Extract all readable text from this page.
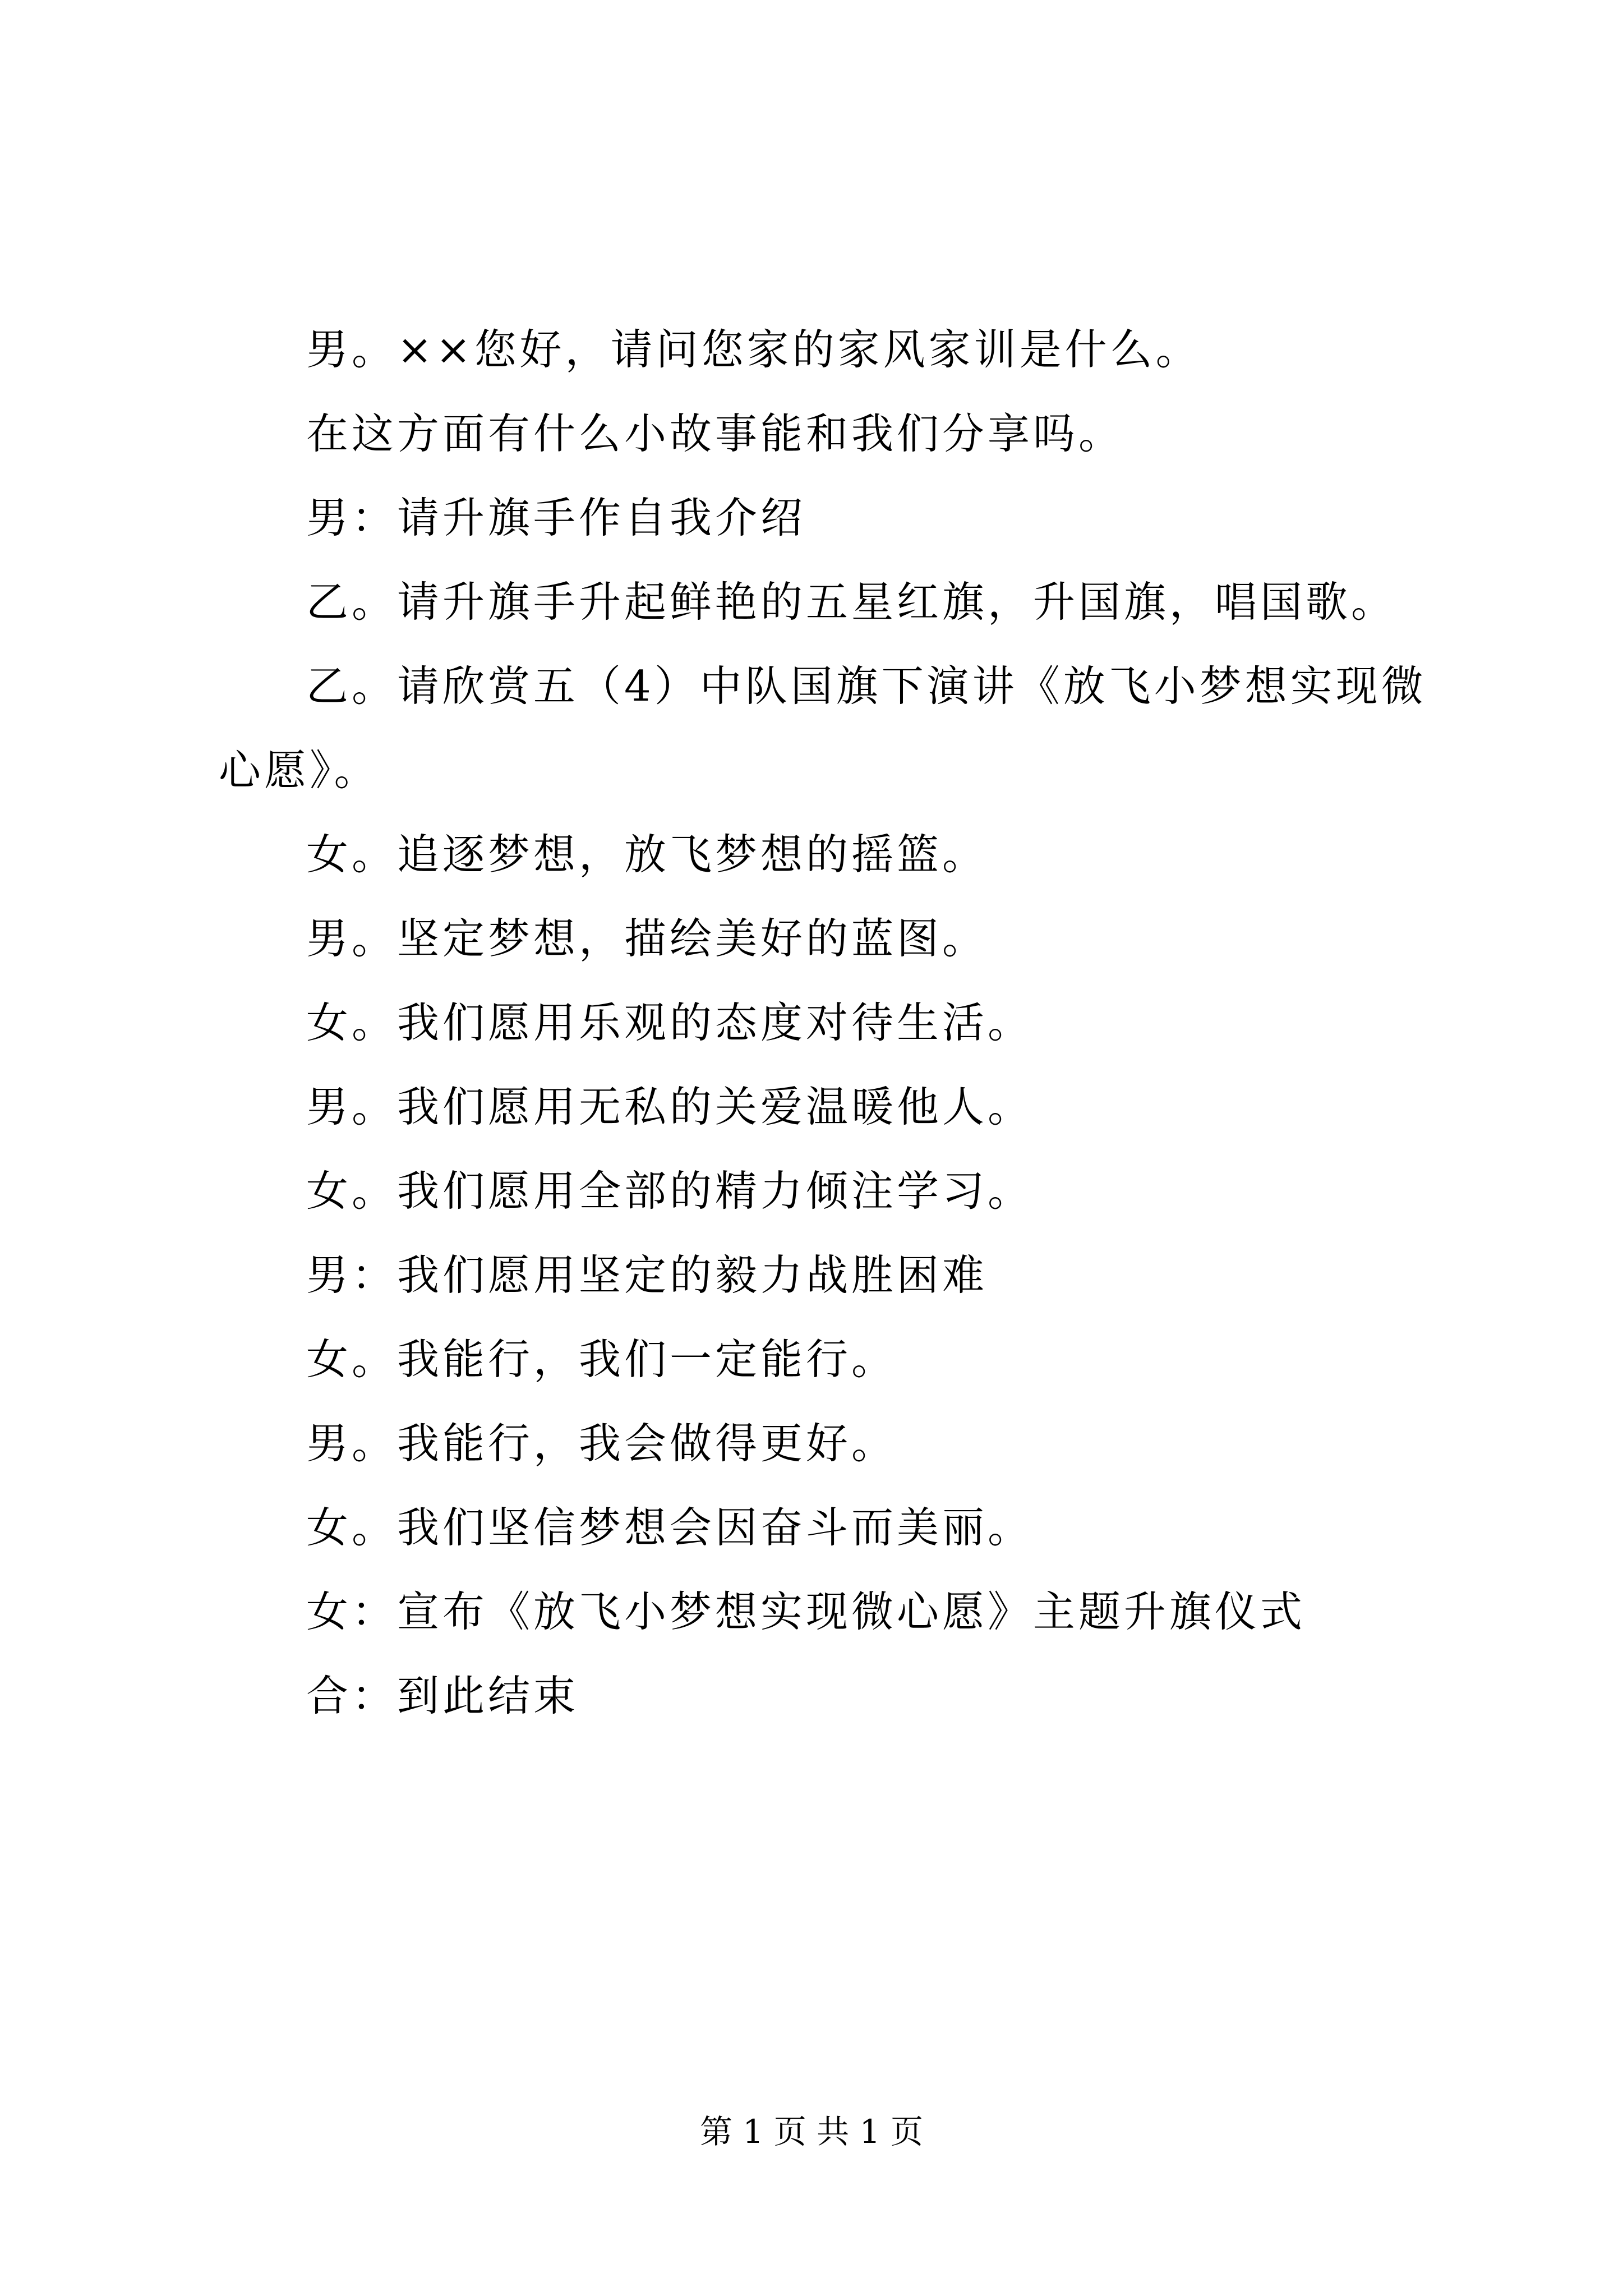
男。××您好，请问您家的家风家训是什么。

在这方面有什么小故事能和我们分享吗。

男：请升旗手作自我介绍

乙。请升旗手升起鲜艳的五星红旗，升国旗，唱国歌。

乙。请欣赏五（4）中队国旗下演讲《放飞小梦想实现微心愿》。

女。追逐梦想，放飞梦想的摇篮。

男。坚定梦想，描绘美好的蓝图。

女。我们愿用乐观的态度对待生活。

男。我们愿用无私的关爱温暖他人。

女。我们愿用全部的精力倾注学习。

男：我们愿用坚定的毅力战胜困难

女。我能行，我们一定能行。

男。我能行，我会做得更好。

女。我们坚信梦想会因奋斗而美丽。

女：宣布《放飞小梦想实现微心愿》主题升旗仪式

合：到此结束

第 1 页 共 1 页
